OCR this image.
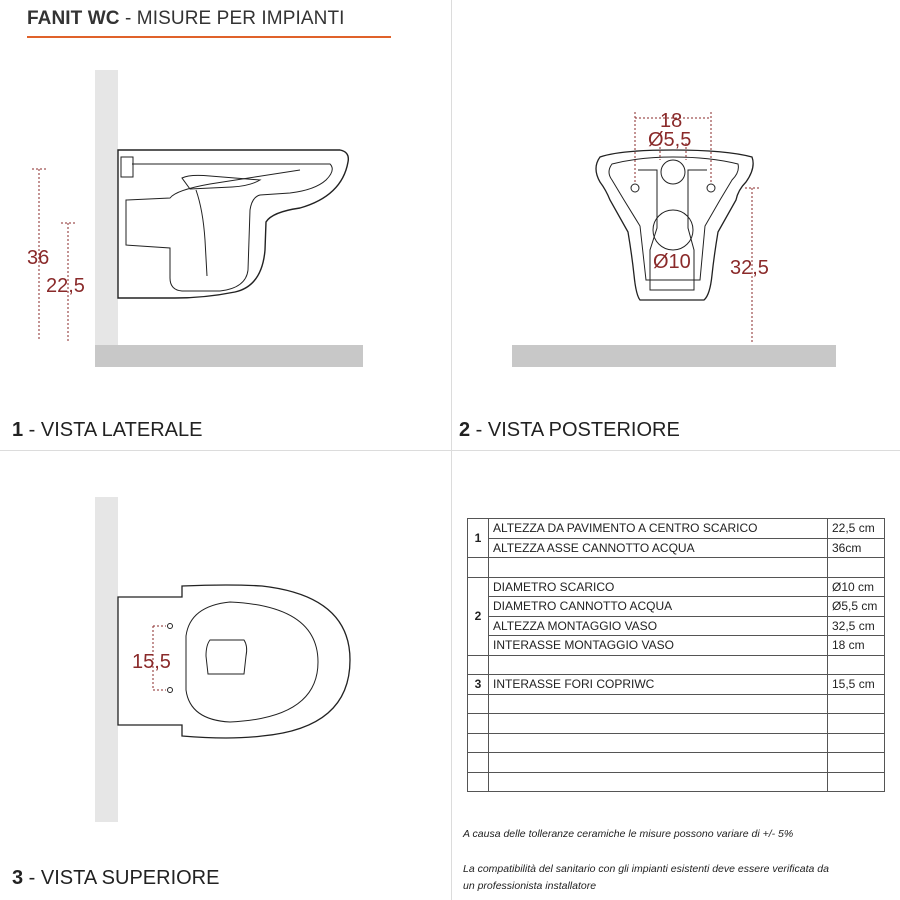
FANIT WC - MISURE PER IMPIANTI
36
22,5
18
Ø5,5
Ø10 32,5
15,5
1 - VISTA LATERALE	2 - VISTA POSTERIORE
3 - VISTA SUPERIORE
1	ALTEZZA DA PAVIMENTO A CENTRO SCARICO	22,5 cm
	ALTEZZA ASSE CANNOTTO ACQUA	36cm

2	DIAMETRO SCARICO	Ø10 cm
	DIAMETRO CANNOTTO ACQUA	Ø5,5 cm
	ALTEZZA MONTAGGIO VASO	32,5 cm
	INTERASSE MONTAGGIO VASO	18 cm

3	INTERASSE FORI COPRIWC	15,5 cm

A causa delle tolleranze ceramiche le misure possono variare di +/- 5%
La compatibilità del sanitario con gli impianti esistenti deve essere verificata da
un professionista installatore
